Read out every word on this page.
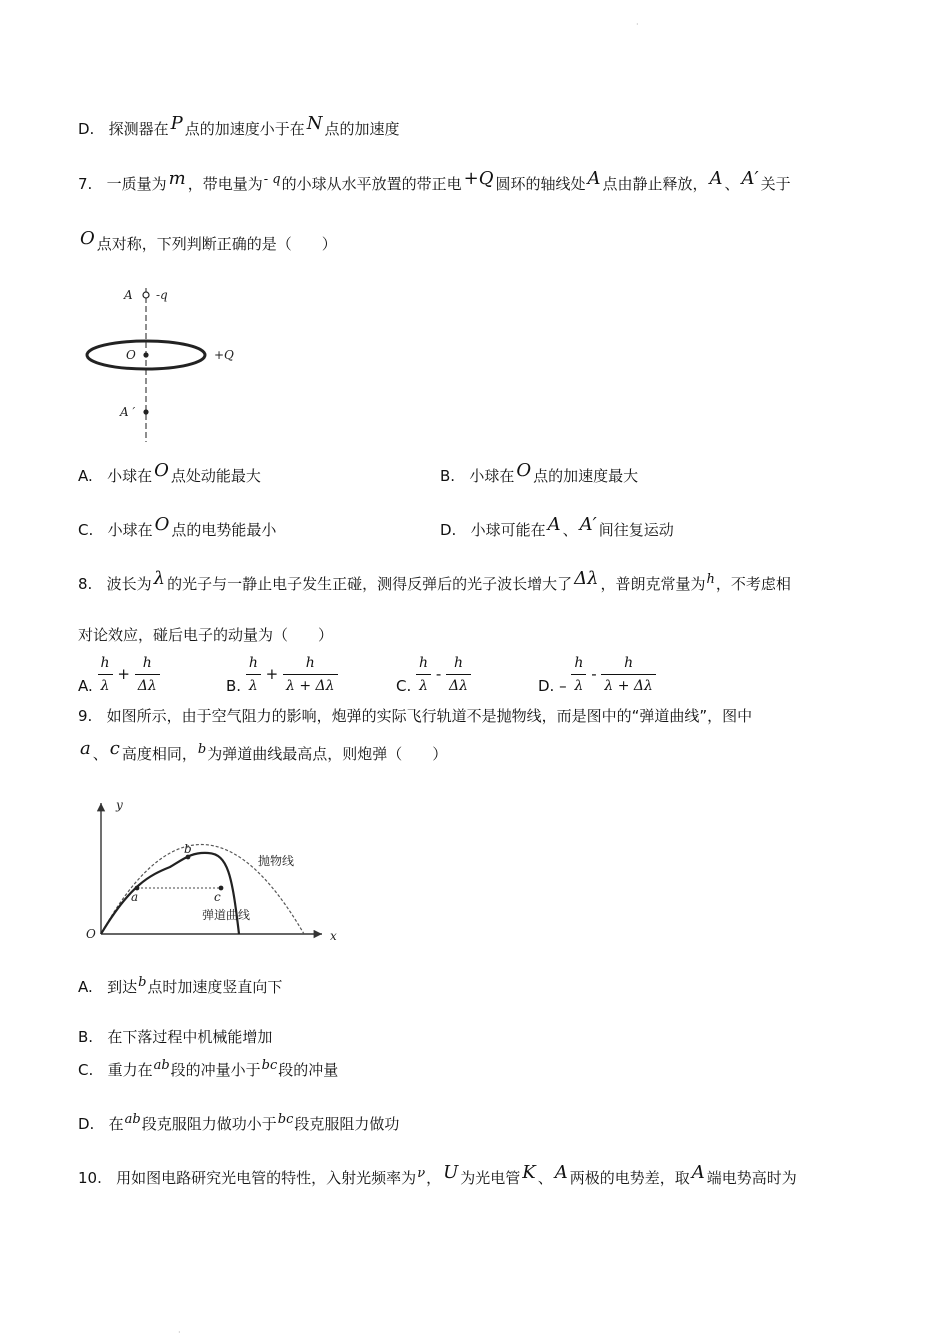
·
D. 探测器在 P 点的加速度小于在 N 点的加速度
7. 一质量为 m ，带电量为- q的小球从水平放置的带正电 +Q 圆环的轴线处 A 点由静止释放， A 、 A′ 关于
O 点对称，下列判断正确的是（　　）
A -q
O	+Q
A ′
A. 小球在 O 点处动能最大	B. 小球在 O 点的加速度最大
C. 小球在 O 点的电势能最小	D. 小球可能在 A 、 A′ 间往复运动
8. 波长为 λ 的光子与一静止电子发生正碰，测得反弹后的光子波长增大了 Δλ ，普朗克常量为h，不考虑相
对论效应，碰后电子的动量为（　　）
A. $\frac{h}{\lambda} + \frac{h}{\Delta\lambda}$	B. $\frac{h}{\lambda} + \frac{h}{\lambda + \Delta\lambda}$	C. $\frac{h}{\lambda} - \frac{h}{\Delta\lambda}$	D. – $\frac{h}{\lambda} - \frac{h}{\lambda + \Delta\lambda}$
9. 如图所示，由于空气阻力的影响，炮弹的实际飞行轨道不是抛物线，而是图中的“弹道曲线”，图中
a 、 c 高度相同，b为弹道曲线最高点，则炮弹（　　）
y
x
O
a
b
c
抛物线
弹道曲线
A. 到达b点时加速度竖直向下
B. 在下落过程中机械能增加
C. 重力在ab段的冲量小于bc段的冲量
D. 在ab段克服阻力做功小于bc段克服阻力做功
10. 用如图电路研究光电管的特性，入射光频率为ν， U 为光电管 K 、 A 两极的电势差，取 A 端电势高时为
·
